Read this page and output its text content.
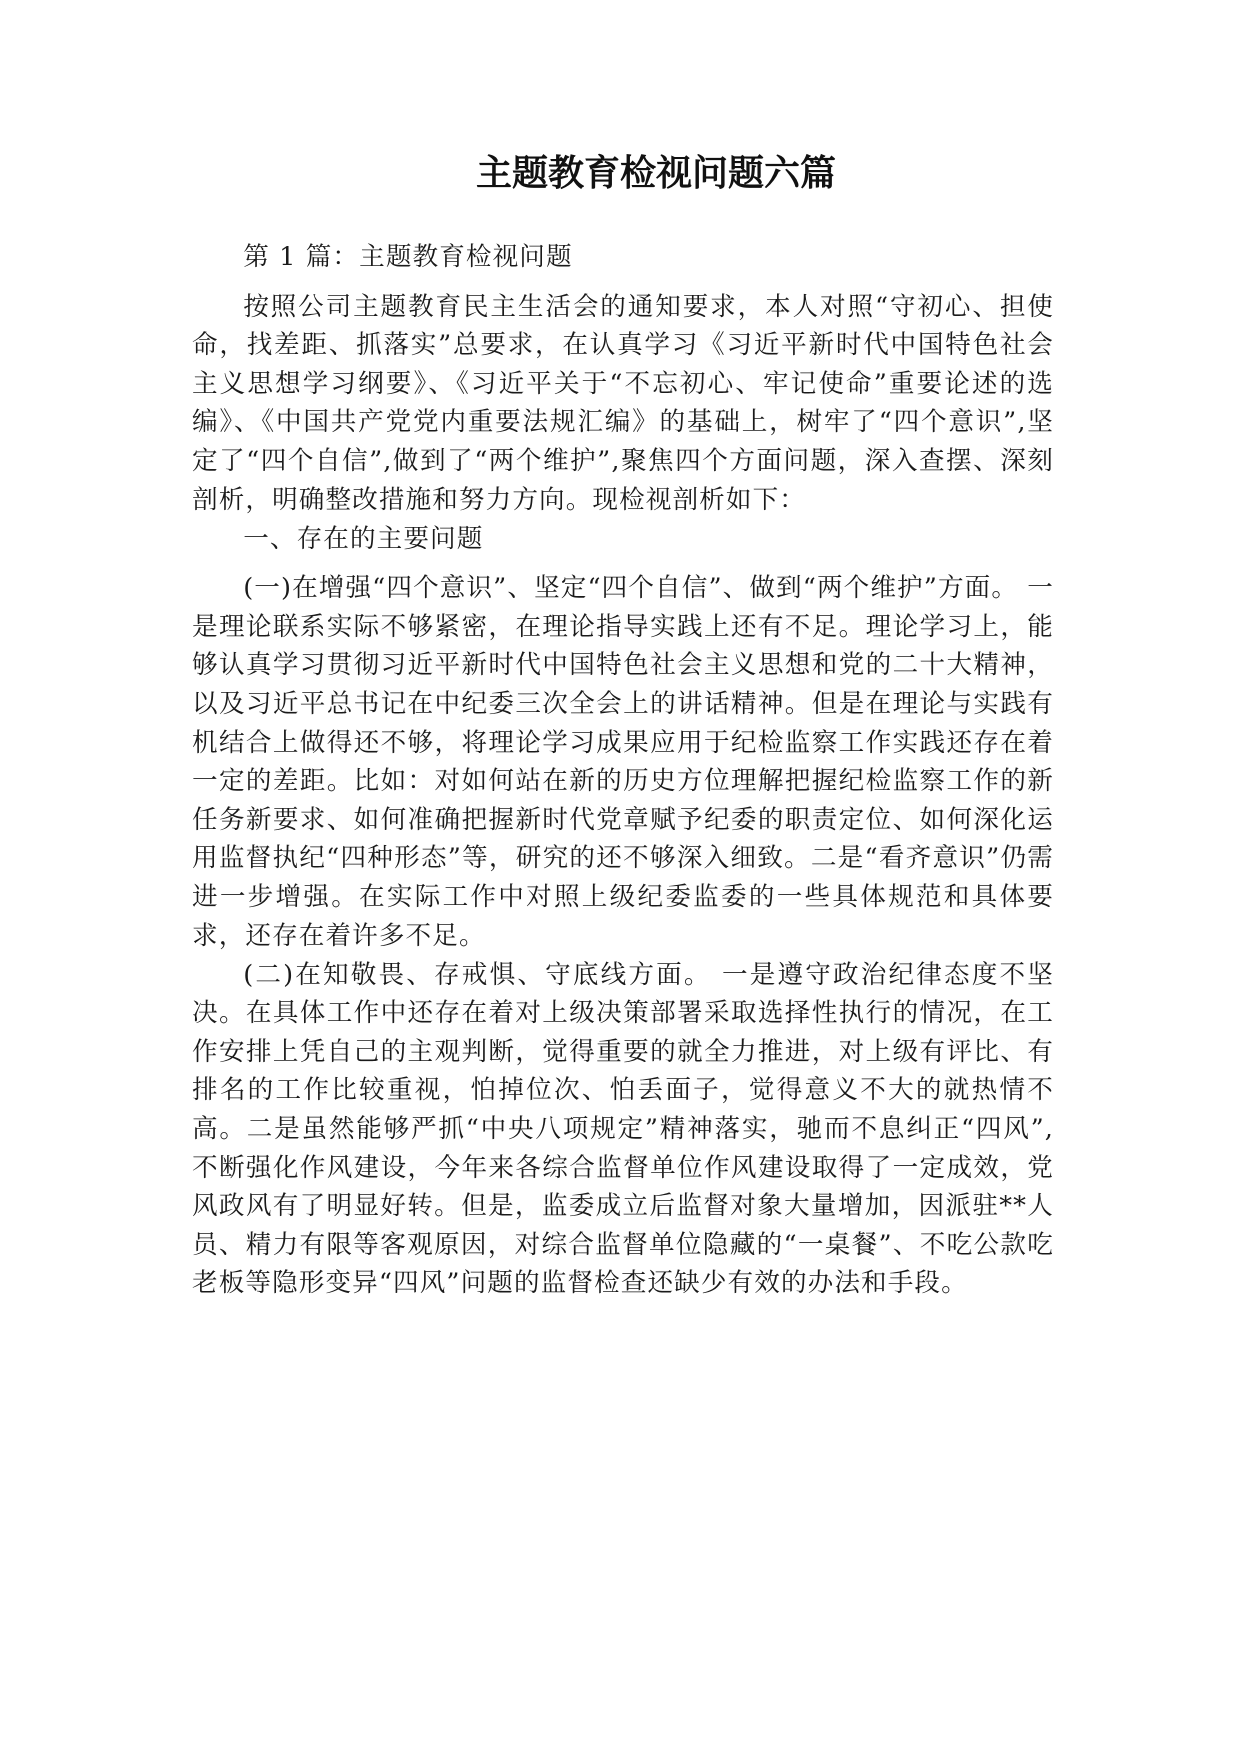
主题教育检视问题六篇

第 1 篇：主题教育检视问题

按照公司主题教育民主生活会的通知要求，本人对照“守初心、担使命，找差距、抓落实”总要求，在认真学习《习近平新时代中国特色社会主义思想学习纲要》、《习近平关于“不忘初心、牢记使命”重要论述的选编》、《中国共产党党内重要法规汇编》的基础上，树牢了“四个意识”,坚定了“四个自信”,做到了“两个维护”,聚焦四个方面问题，深入查摆、深刻剖析，明确整改措施和努力方向。现检视剖析如下：

一、存在的主要问题

(一)在增强“四个意识”、坚定“四个自信”、做到“两个维护”方面。 一是理论联系实际不够紧密，在理论指导实践上还有不足。理论学习上，能够认真学习贯彻习近平新时代中国特色社会主义思想和党的二十大精神，以及习近平总书记在中纪委三次全会上的讲话精神。但是在理论与实践有机结合上做得还不够，将理论学习成果应用于纪检监察工作实践还存在着一定的差距。比如：对如何站在新的历史方位理解把握纪检监察工作的新任务新要求、如何准确把握新时代党章赋予纪委的职责定位、如何深化运用监督执纪“四种形态”等，研究的还不够深入细致。二是“看齐意识”仍需进一步增强。在实际工作中对照上级纪委监委的一些具体规范和具体要求，还存在着许多不足。

(二)在知敬畏、存戒惧、守底线方面。 一是遵守政治纪律态度不坚决。在具体工作中还存在着对上级决策部署采取选择性执行的情况，在工作安排上凭自己的主观判断，觉得重要的就全力推进，对上级有评比、有排名的工作比较重视，怕掉位次、怕丢面子，觉得意义不大的就热情不高。二是虽然能够严抓“中央八项规定”精神落实，驰而不息纠正“四风”,不断强化作风建设，今年来各综合监督单位作风建设取得了一定成效，党风政风有了明显好转。但是，监委成立后监督对象大量增加，因派驻**人员、精力有限等客观原因，对综合监督单位隐藏的“一桌餐”、不吃公款吃老板等隐形变异“四风”问题的监督检查还缺少有效的办法和手段。
